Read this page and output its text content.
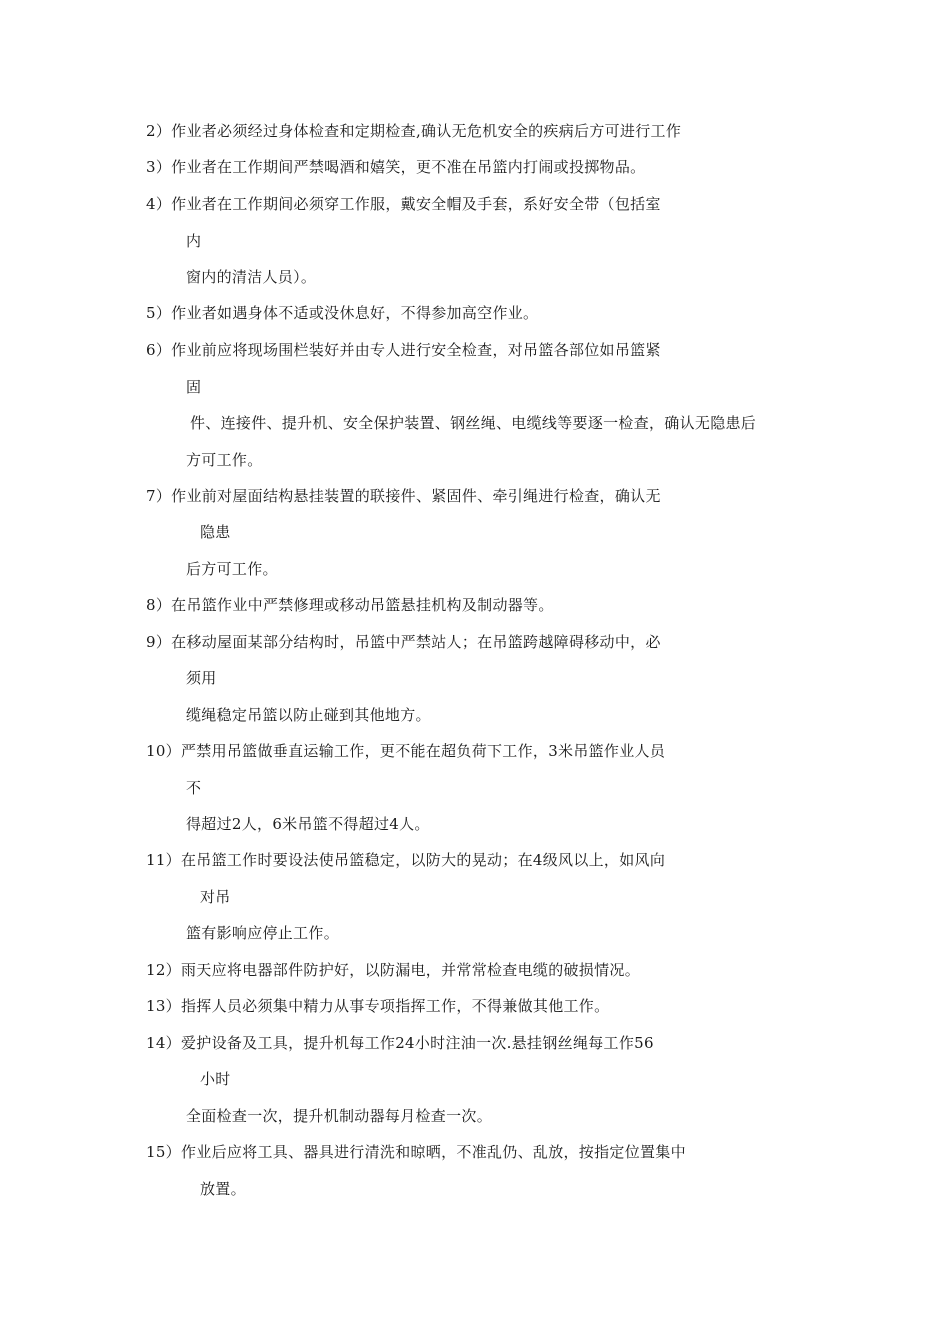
2）作业者必须经过身体检查和定期检查,确认无危机安全的疾病后方可进行工作
3）作业者在工作期间严禁喝酒和嬉笑，更不准在吊篮内打闹或投掷物品。
4）作业者在工作期间必须穿工作服，戴安全帽及手套，系好安全带（包括室
内
窗内的清洁人员）。
5）作业者如遇身体不适或没休息好，不得参加高空作业。
6）作业前应将现场围栏装好并由专人进行安全检查，对吊篮各部位如吊篮紧
固
件、连接件、提升机、安全保护装置、钢丝绳、电缆线等要逐一检查，确认无隐患后
方可工作。
7）作业前对屋面结构悬挂装置的联接件、紧固件、牵引绳进行检查，确认无
隐患
后方可工作。
8）在吊篮作业中严禁修理或移动吊篮悬挂机构及制动器等。
9）在移动屋面某部分结构时，吊篮中严禁站人；在吊篮跨越障碍移动中，必
须用
缆绳稳定吊篮以防止碰到其他地方。
10）严禁用吊篮做垂直运输工作，更不能在超负荷下工作，3米吊篮作业人员
不
得超过2人，6米吊篮不得超过4人。
11）在吊篮工作时要设法使吊篮稳定，以防大的晃动；在4级风以上，如风向
对吊
篮有影响应停止工作。
12）雨天应将电器部件防护好，以防漏电，并常常检查电缆的破损情况。
13）指挥人员必须集中精力从事专项指挥工作，不得兼做其他工作。
14）爱护设备及工具，提升机每工作24小时注油一次.悬挂钢丝绳每工作56
小时
全面检查一次，提升机制动器每月检查一次。
15）作业后应将工具、器具进行清洗和晾晒，不准乱仍、乱放，按指定位置集中
放置。
